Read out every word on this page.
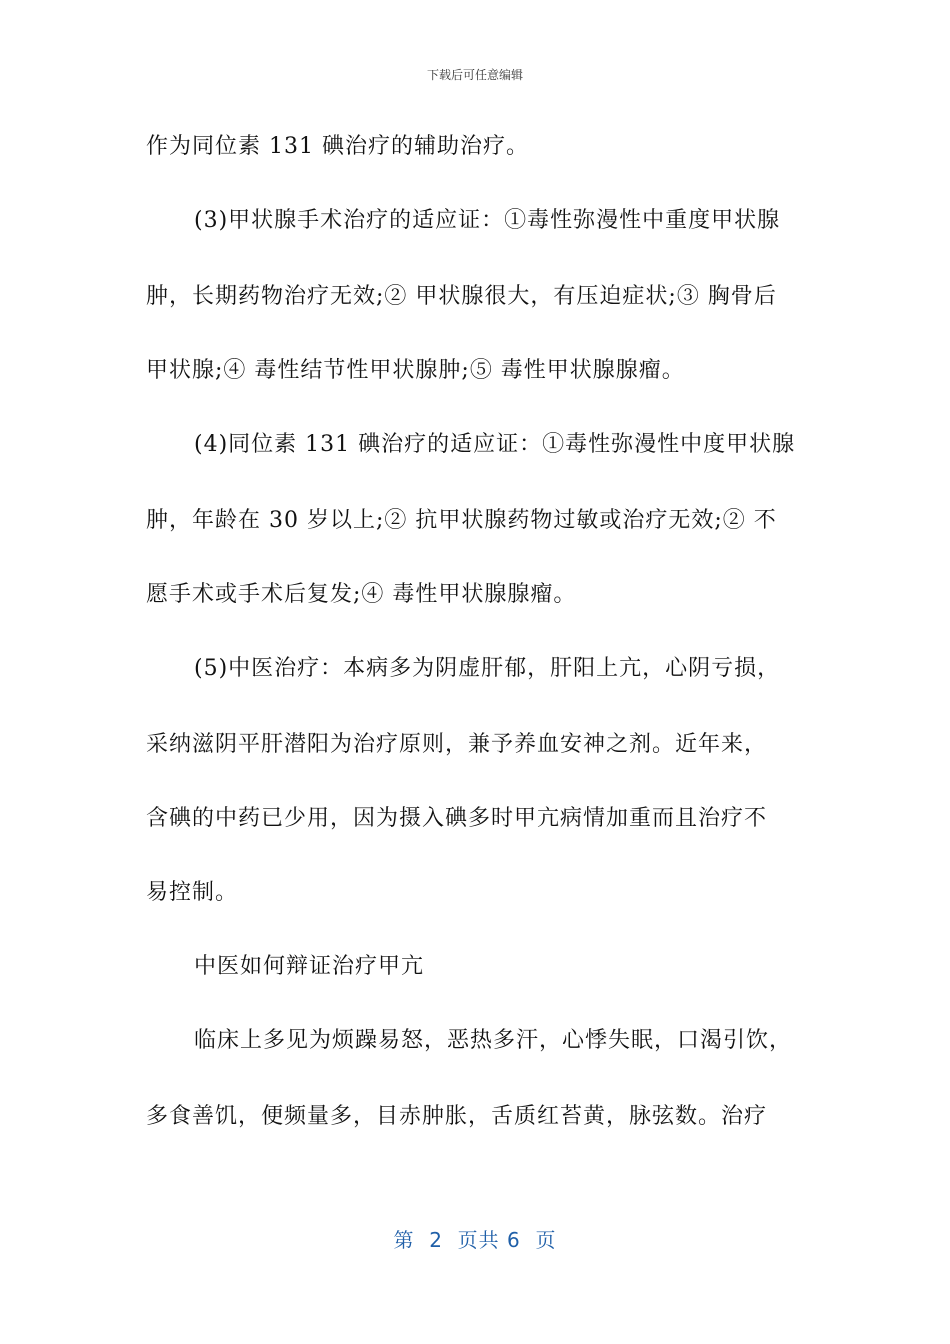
下载后可任意编辑
作为同位素 131 碘治疗的辅助治疗。
(3)甲状腺手术治疗的适应证：①毒性弥漫性中重度甲状腺
肿，长期药物治疗无效;② 甲状腺很大，有压迫症状;③ 胸骨后
甲状腺;④ 毒性结节性甲状腺肿;⑤ 毒性甲状腺腺瘤。
(4)同位素 131 碘治疗的适应证：①毒性弥漫性中度甲状腺
肿，年龄在 30 岁以上;② 抗甲状腺药物过敏或治疗无效;② 不
愿手术或手术后复发;④ 毒性甲状腺腺瘤。
(5)中医治疗：本病多为阴虚肝郁，肝阳上亢，心阴亏损，
采纳滋阴平肝潜阳为治疗原则，兼予养血安神之剂。近年来，
含碘的中药已少用，因为摄入碘多时甲亢病情加重而且治疗不
易控制。
中医如何辩证治疗甲亢
临床上多见为烦躁易怒，恶热多汗，心悸失眠，口渴引饮，
多食善饥，便频量多，目赤肿胀，舌质红苔黄，脉弦数。治疗
第  2  页共 6  页
